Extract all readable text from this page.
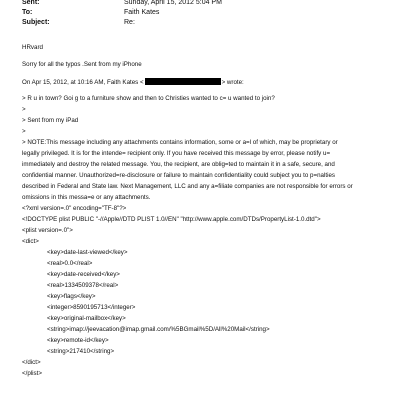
Sent:	Sunday, April 15, 2012 5:04 PM
To:	Faith Kates
Subject:	Re:
HRvard
Sorry for all the typos .Sent from my iPhone
On Apr 15, 2012, at 10:16 AM, Faith Kates <	> wrote:
> R u in town? Goi g to a furniture show and then to Christies wanted to c= u wanted to join?
>
> Sent from my iPad
>
> NOTE:This message including any attachments contains information, some or a=l of which, may be proprietary or
legally privileged. It is for the intende= recipient only. If you have received this message by error, please notify u=
immediately and destroy the related message. You, the recipient, are oblig=ted to maintain it in a safe, secure, and
confidential manner. Unauthorized=re-disclosure or failure to maintain confidentiality could subject you to p=nalties
described in Federal and State law. Next Management, LLC and any a=filiate companies are not responsible for errors or
omissions in this messa=e or any attachments.
<?xml version=.0" encoding="TF-8"?>
<!DOCTYPE plist PUBLIC "-//Apple//DTD PLIST 1.0//EN" "http://www.apple.com/DTDs/PropertyList-1.0.dtd">
<plist version=.0">
<dict>
<key>date-last-viewed</key>
<real>0.0</real>
<key>date-received</key>
<real>1334509378</real>
<key>flags</key>
<integer>8590195713</integer>
<key>original-mailbox</key>
<string>imap://jeevacation@imap.gmail.com/%5BGmail%5D/All%20Mail</string>
<key>remote-id</key>
<string>217410</string>
</dict>
</plist>
